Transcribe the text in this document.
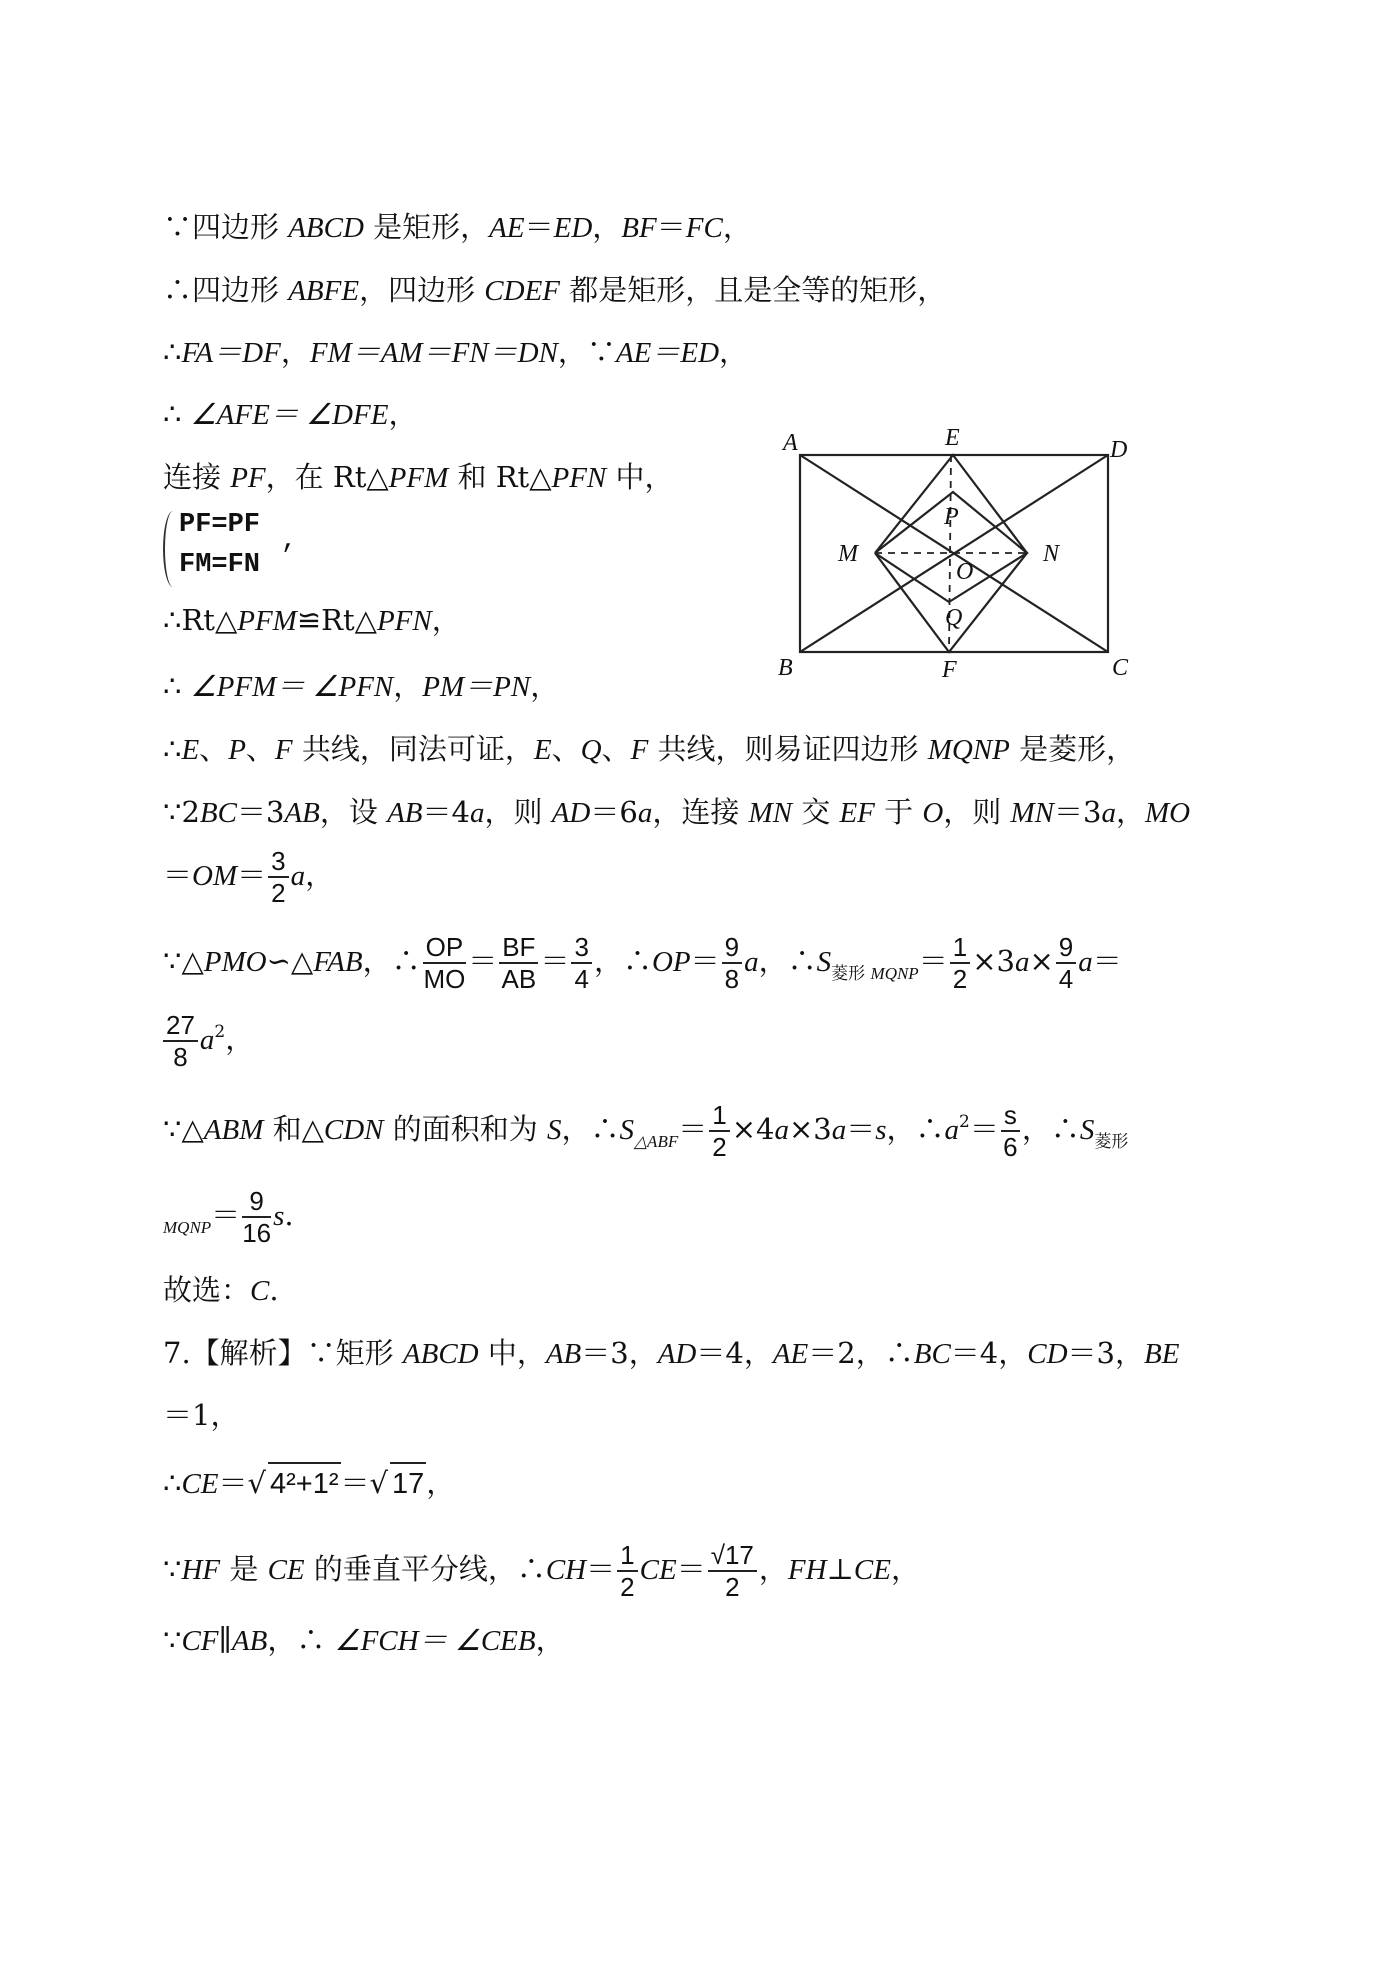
∵四边形 ABCD 是矩形，AE＝ED，BF＝FC，
∴四边形 ABFE，四边形 CDEF 都是矩形，且是全等的矩形，
∴FA＝DF，FM＝AM＝FN＝DN，∵AE＝ED，
∴ ∠AFE＝ ∠DFE，
连接 PF，在 Rt△PFM 和 Rt△PFN 中，
PF=PF
FM=FN
,
∴Rt△PFM≌Rt△PFN，
∴ ∠PFM＝ ∠PFN，PM＝PN，
∴E、P、F 共线，同法可证，E、Q、F 共线，则易证四边形 MQNP 是菱形，
∵2BC＝3AB，设 AB＝4a，则 AD＝6a，连接 MN 交 EF 于 O，则 MN＝3a，MO
$=OM= \frac{3}{2}$ a，
∵△PMO∽△FAB，∴ $\frac{OP}{MO} = \frac{BF}{AB} = \frac{3}{4}$ ，∴OP＝ $\frac{9}{8}$ a，$\therefore S_{菱形}$ $_{MQNP}= \frac{1}{2} \times 3a\times \frac{9}{4} a=$
$\frac{27}{8} a^2$，
∵△ABM 和△CDN 的面积和为 S，$\therefore S_{\triangle ABF}= \frac{1}{2} \times 4a\times 3a=s$，$\therefore a^2= \frac{s}{6}$ ，$\therefore S_{菱形}$
$_{MQNP}= \frac{9}{16} s$.
故选：C.
7.【解析】∵矩形 ABCD 中，AB＝3，AD＝4，AE＝2，∴BC＝4，CD＝3，BE
＝1，
∴CE＝√ 4²+1²＝√ 17，
∵HF 是 CE 的垂直平分线，∴CH＝ $\frac{1}{2} CE= \frac{√17}{2}$ ，FH⊥CE，
∵CF∥AB，∴ ∠FCH＝ ∠CEB，
A	E	D
M	N
P
O
Q
B	F	C
